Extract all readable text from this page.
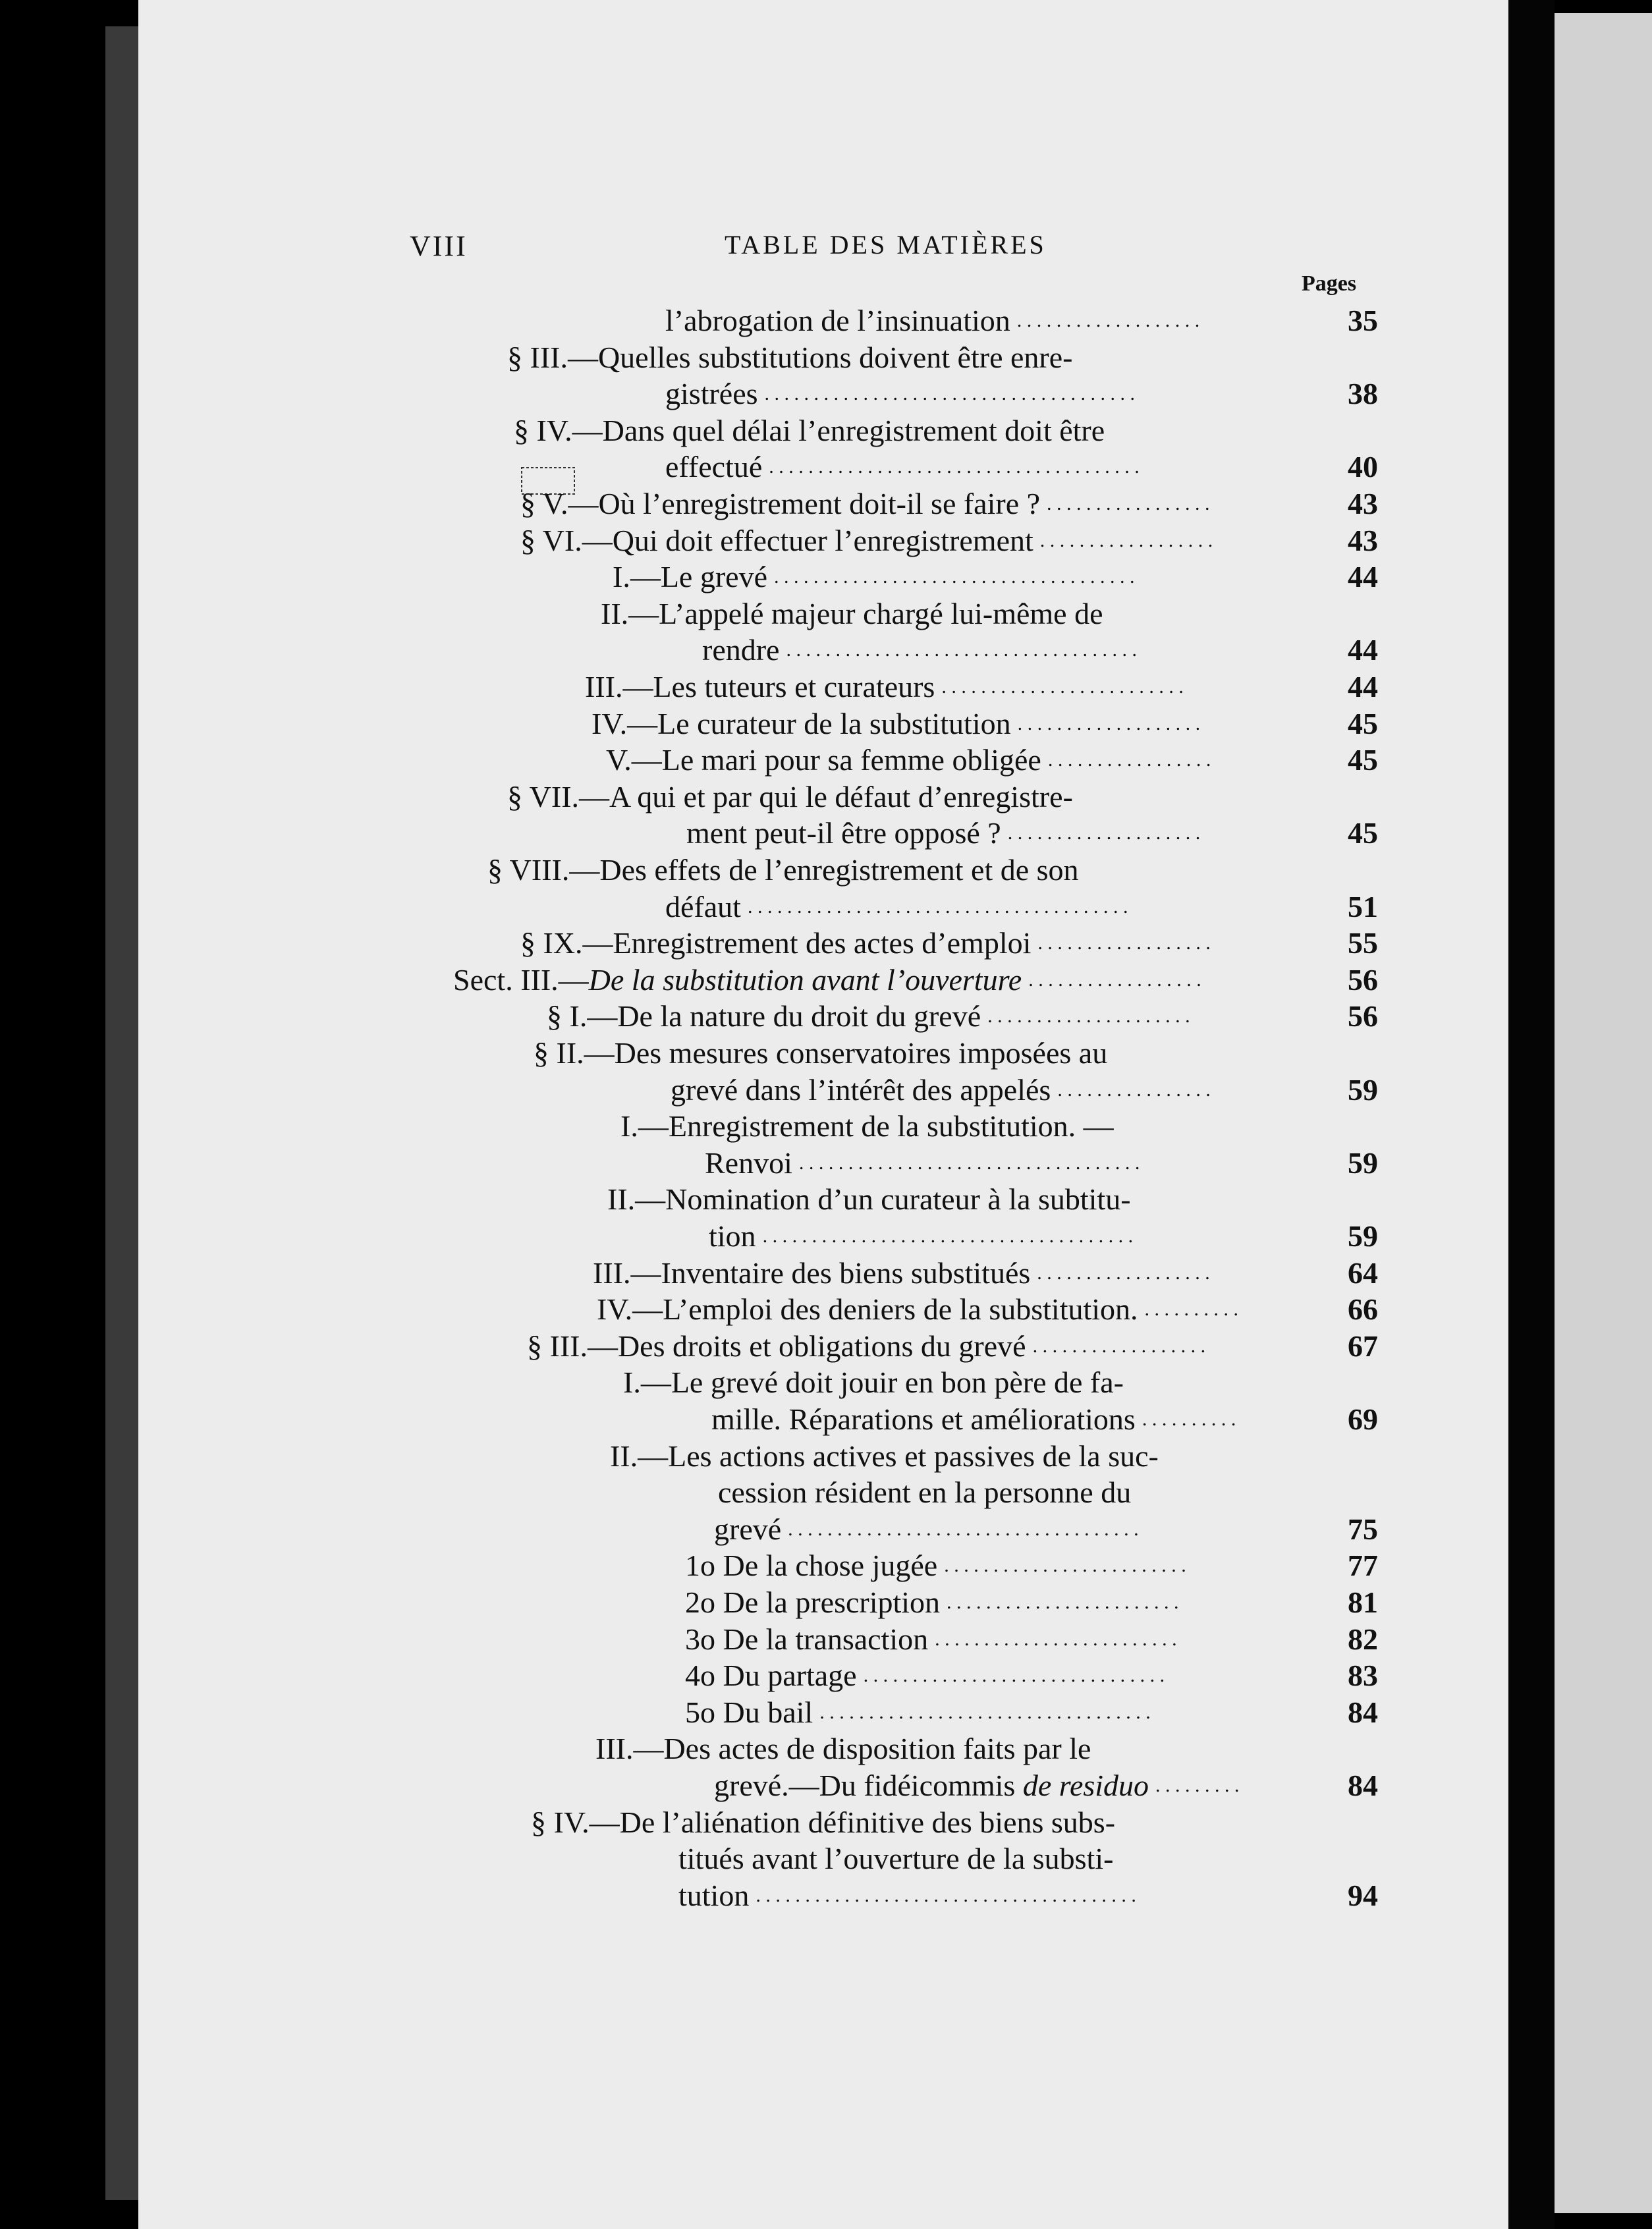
VIII	TABLE DES MATIÈRES
Pages
l’abrogation de l’insinuation . . . . . . . . . . . . . . . . . . .	35
§ III.—Quelles substitutions doivent être enre-
gistrées . . . . . . . . . . . . . . . . . . . . . . . . . . . . . . . . . . . . . .	38
§ IV.—Dans quel délai l’enregistrement doit être
effectué . . . . . . . . . . . . . . . . . . . . . . . . . . . . . . . . . . . . . .	40
§ V.—Où l’enregistrement doit-il se faire ? . . . . . . . . . . . . . . . . .	43
§ VI.—Qui doit effectuer l’enregistrement . . . . . . . . . . . . . . . . . .	43
I.—Le grevé . . . . . . . . . . . . . . . . . . . . . . . . . . . . . . . . . . . . .	44
II.—L’appelé majeur chargé lui-même de
rendre . . . . . . . . . . . . . . . . . . . . . . . . . . . . . . . . . . . .	44
III.—Les tuteurs et curateurs . . . . . . . . . . . . . . . . . . . . . . . . .	44
IV.—Le curateur de la substitution . . . . . . . . . . . . . . . . . . .	45
V.—Le mari pour sa femme obligée . . . . . . . . . . . . . . . . .	45
§ VII.—A qui et par qui le défaut d’enregistre-
ment peut-il être opposé ? . . . . . . . . . . . . . . . . . . . .	45
§ VIII.—Des effets de l’enregistrement et de son
défaut . . . . . . . . . . . . . . . . . . . . . . . . . . . . . . . . . . . . . . .	51
§ IX.—Enregistrement des actes d’emploi . . . . . . . . . . . . . . . . . .	55
Sect. III.—De la substitution avant l’ouverture . . . . . . . . . . . . . . . . . .	56
§ I.—De la nature du droit du grevé . . . . . . . . . . . . . . . . . . . . .	56
§ II.—Des mesures conservatoires imposées au
grevé dans l’intérêt des appelés . . . . . . . . . . . . . . . .	59
I.—Enregistrement de la substitution. —
Renvoi . . . . . . . . . . . . . . . . . . . . . . . . . . . . . . . . . . .	59
II.—Nomination d’un curateur à la subtitu-
tion . . . . . . . . . . . . . . . . . . . . . . . . . . . . . . . . . . . . . .	59
III.—Inventaire des biens substitués . . . . . . . . . . . . . . . . . .	64
IV.—L’emploi des deniers de la substitution. . . . . . . . . . .	66
§ III.—Des droits et obligations du grevé . . . . . . . . . . . . . . . . . .	67
I.—Le grevé doit jouir en bon père de fa-
mille. Réparations et améliorations . . . . . . . . . .	69
II.—Les actions actives et passives de la suc-
cession résident en la personne du
grevé . . . . . . . . . . . . . . . . . . . . . . . . . . . . . . . . . . . .	75
1o De la chose jugée . . . . . . . . . . . . . . . . . . . . . . . . .	77
2o De la prescription . . . . . . . . . . . . . . . . . . . . . . . .	81
3o De la transaction . . . . . . . . . . . . . . . . . . . . . . . . .	82
4o Du partage . . . . . . . . . . . . . . . . . . . . . . . . . . . . . . .	83
5o Du bail . . . . . . . . . . . . . . . . . . . . . . . . . . . . . . . . . .	84
III.—Des actes de disposition faits par le
grevé.—Du fidéicommis de residuo . . . . . . . . .	84
§ IV.—De l’aliénation définitive des biens subs-
titués avant l’ouverture de la substi-
tution . . . . . . . . . . . . . . . . . . . . . . . . . . . . . . . . . . . . . . .	94
